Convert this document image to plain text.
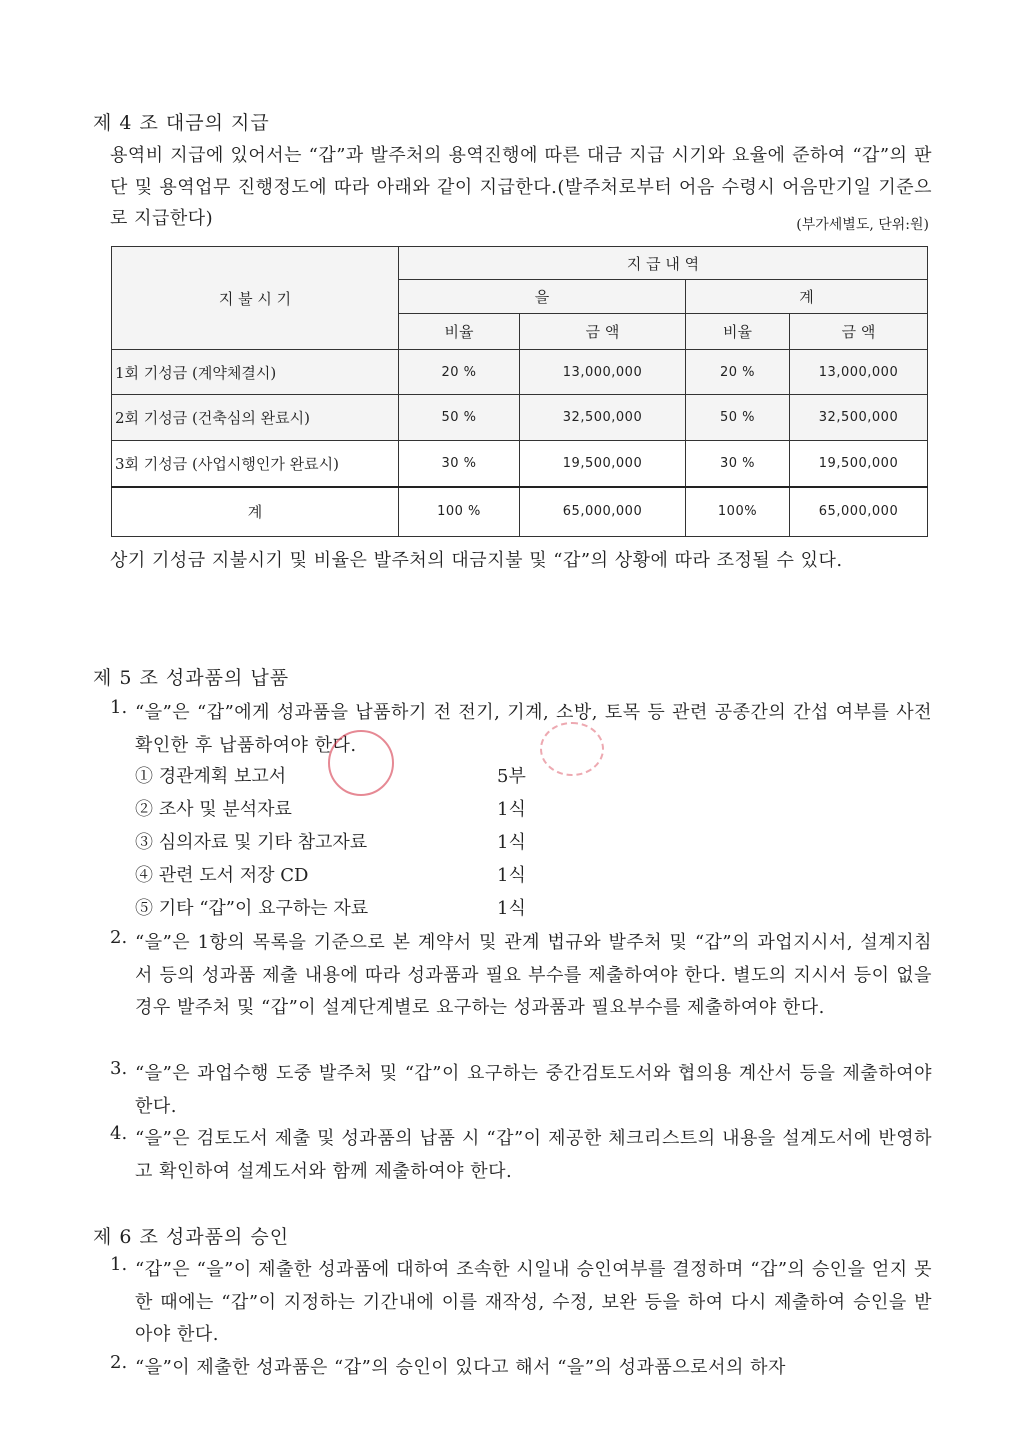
제 4 조 대금의 지급
용역비 지급에 있어서는 “갑”과 발주처의 용역진행에 따른 대금 지급 시기와 요율에 준하여 “갑”의 판단 및 용역업무 진행정도에 따라 아래와 같이 지급한다.(발주처로부터 어음 수령시 어음만기일 기준으로 지급한다)	(부가세별도, 단위:원)
지 불 시 기	지 급 내 역			
	을		계	
	비율	금 액	비율	금 액
1회 기성금 (계약체결시)	20 %	13,000,000	20 %	13,000,000
2회 기성금 (건축심의 완료시)	50 %	32,500,000	50 %	32,500,000
3회 기성금 (사업시행인가 완료시)	30 %	19,500,000	30 %	19,500,000
계	100 %	65,000,000	100%	65,000,000
상기 기성금 지불시기 및 비율은 발주처의 대금지불 및 “갑”의 상황에 따라 조정될 수 있다.
제 5 조 성과품의 납품
1. “을”은 “갑”에게 성과품을 납품하기 전 전기, 기계, 소방, 토목 등 관련 공종간의 간섭 여부를 사전 확인한 후 납품하여야 한다.
① 경관계획 보고서	5부
② 조사 및 분석자료	1식
③ 심의자료 및 기타 참고자료	1식
④ 관련 도서 저장 CD	1식
⑤ 기타 “갑”이 요구하는 자료	1식
2. “을”은 1항의 목록을 기준으로 본 계약서 및 관계 법규와 발주처 및 “갑”의 과업지시서, 설계지침서 등의 성과품 제출 내용에 따라 성과품과 필요 부수를 제출하여야 한다. 별도의 지시서 등이 없을 경우 발주처 및 “갑”이 설계단계별로 요구하는 성과품과 필요부수를 제출하여야 한다.
3. “을”은 과업수행 도중 발주처 및 “갑”이 요구하는 중간검토도서와 협의용 계산서 등을 제출하여야 한다.
4. “을”은 검토도서 제출 및 성과품의 납품 시 “갑”이 제공한 체크리스트의 내용을 설계도서에 반영하고 확인하여 설계도서와 함께 제출하여야 한다.
제 6 조 성과품의 승인
1. “갑”은 “을”이 제출한 성과품에 대하여 조속한 시일내 승인여부를 결정하며 “갑”의 승인을 얻지 못한 때에는 “갑”이 지정하는 기간내에 이를 재작성, 수정, 보완 등을 하여 다시 제출하여 승인을 받아야 한다.
2. “을”이 제출한 성과품은 “갑”의 승인이 있다고 해서 “을”의 성과품으로서의 하자
